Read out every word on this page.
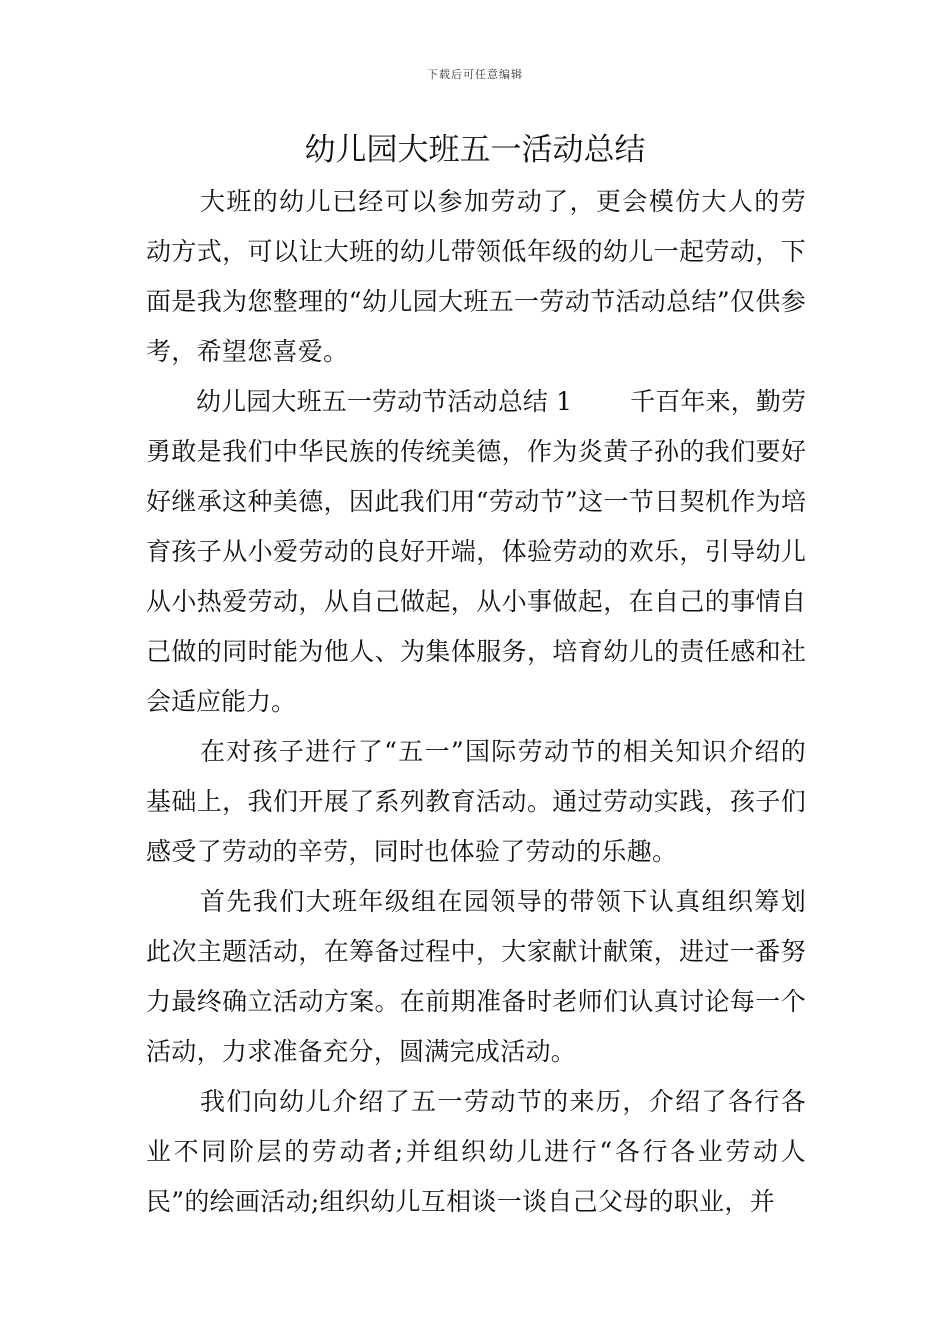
下载后可任意编辑
幼儿园大班五一活动总结

大班的幼儿已经可以参加劳动了，更会模仿大人的劳动方式，可以让大班的幼儿带领低年级的幼儿一起劳动，下面是我为您整理的“幼儿园大班五一劳动节活动总结”仅供参考，希望您喜爱。

幼儿园大班五一劳动节活动总结 1 千百年来，勤劳勇敢是我们中华民族的传统美德，作为炎黄子孙的我们要好好继承这种美德，因此我们用“劳动节”这一节日契机作为培育孩子从小爱劳动的良好开端，体验劳动的欢乐，引导幼儿从小热爱劳动，从自己做起，从小事做起，在自己的事情自己做的同时能为他人、为集体服务，培育幼儿的责任感和社会适应能力。

在对孩子进行了“五一”国际劳动节的相关知识介绍的基础上，我们开展了系列教育活动。通过劳动实践，孩子们感受了劳动的辛劳，同时也体验了劳动的乐趣。

首先我们大班年级组在园领导的带领下认真组织筹划此次主题活动，在筹备过程中，大家献计献策，进过一番努力最终确立活动方案。在前期准备时老师们认真讨论每一个活动，力求准备充分，圆满完成活动。

我们向幼儿介绍了五一劳动节的来历，介绍了各行各业不同阶层的劳动者;并组织幼儿进行“各行各业劳动人民”的绘画活动;组织幼儿互相谈一谈自己父母的职业，并
